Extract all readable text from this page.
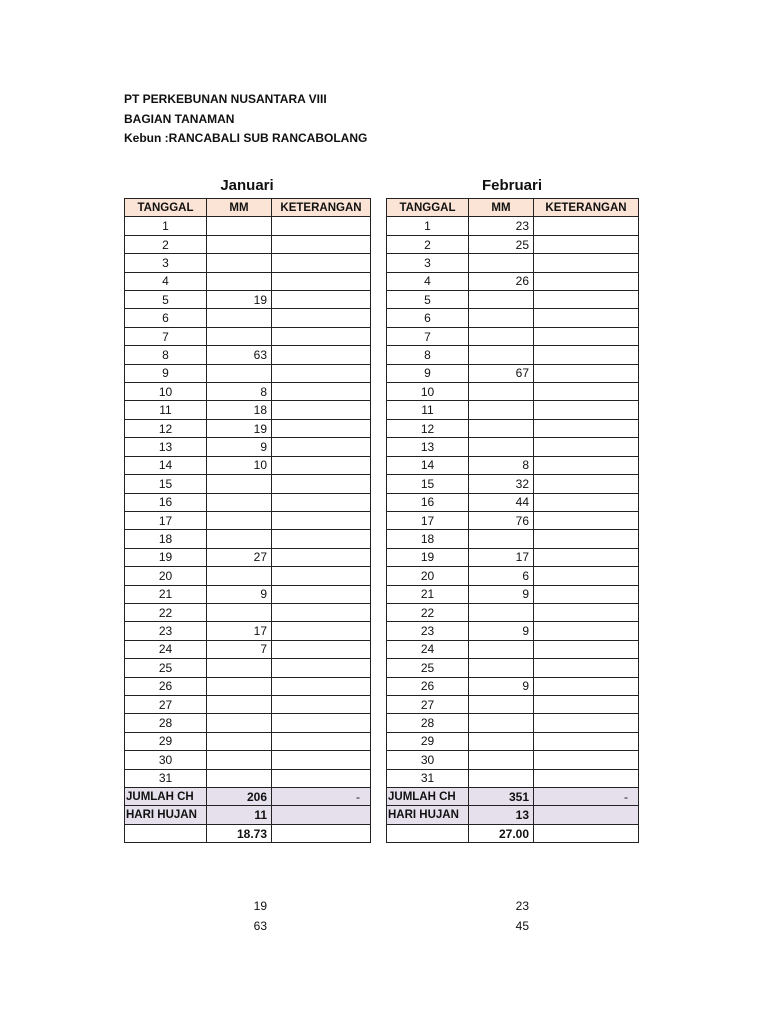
PT PERKEBUNAN NUSANTARA VIII
BAGIAN TANAMAN
Kebun :RANCABALI SUB RANCABOLANG
Januari
TANGGAL	MM	KETERANGAN
1		
2		
3		
4		
5	19	
6		
7		
8	63	
9		
10	8	
11	18	
12	19	
13	9	
14	10	
15		
16		
17		
18		
19	27	
20		
21	9	
22		
23	17	
24	7	
25		
26		
27		
28		
29		
30		
31		
JUMLAH CH	206	-
HARI HUJAN	11	
	18.73	
19
63
Februari
TANGGAL	MM	KETERANGAN
1	23	
2	25	
3		
4	26	
5		
6		
7		
8		
9	67	
10		
11		
12		
13		
14	8	
15	32	
16	44	
17	76	
18		
19	17	
20	6	
21	9	
22		
23	9	
24		
25		
26	9	
27		
28		
29		
30		
31		
JUMLAH CH	351	-
HARI HUJAN	13	
	27.00	
23
45
